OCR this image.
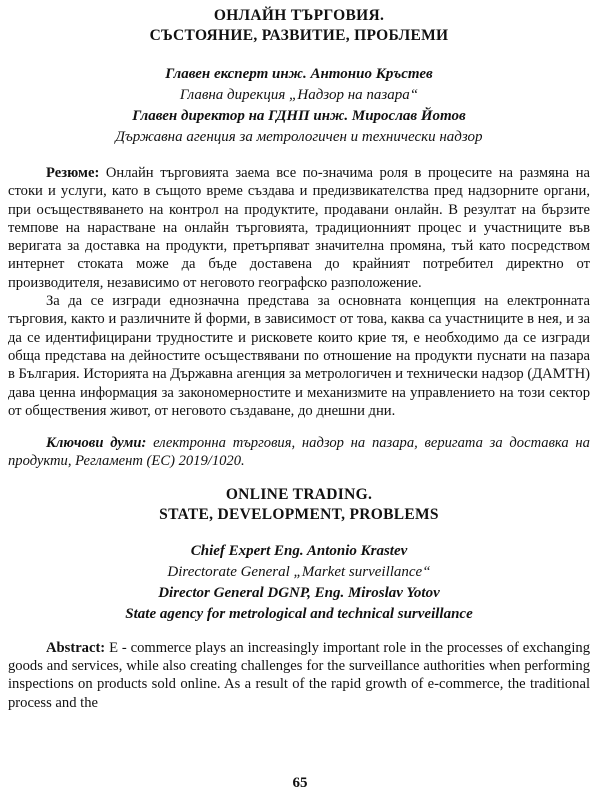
ОНЛАЙН ТЪРГОВИЯ.
СЪСТОЯНИЕ, РАЗВИТИЕ, ПРОБЛЕМИ
Главен експерт инж. Антонио Кръстев
Главна дирекция „Надзор на пазара“
Главен директор на ГДНП инж. Мирослав Йотов
Държавна агенция за метрологичен и технически надзор

Резюме: Онлайн търговията заема все по-значима роля в процесите на размяна на стоки и услуги, като в същото време създава и предизвикателства пред надзорните органи, при осъществяването на контрол на продуктите, продавани онлайн. В резултат на бързите темпове на нарастване на онлайн търговията, традиционният процес и участниците във веригата за доставка на продукти, претърпяват значителна промяна, тъй като посредством интернет стоката може да бъде доставена до крайният потребител директно от производителя, независимо от неговото географско разположение.

За да се изгради еднозначна представа за основната концепция на електронната търговия, както и различните й форми, в зависимост от това, каква са участниците в нея, и за да се идентифицирани трудностите и рисковете които крие тя, е необходимо да се изгради обща представа на дейностите осъществявани по отношение на продукти пуснати на пазара в България. Историята на Държавна агенция за метрологичен и технически надзор (ДАМТН) дава ценна информация за закономерностите и механизмите на управлението на този сектор от обществения живот, от неговото създаване, до днешни дни.

Ключови думи: електронна търговия, надзор на пазара, веригата за доставка на продукти, Регламент (ЕС) 2019/1020.

ONLINE TRADING.
STATE, DEVELOPMENT, PROBLEMS
Chief Expert Eng. Antonio Krastev
Directorate General „Market surveillance“
Director General DGNP, Eng. Miroslav Yotov
State agency for metrological and technical surveillance

Abstract: E - commerce plays an increasingly important role in the processes of exchanging goods and services, while also creating challenges for the surveillance authorities when performing inspections on products sold online. As a result of the rapid growth of e-commerce, the traditional process and the

65
